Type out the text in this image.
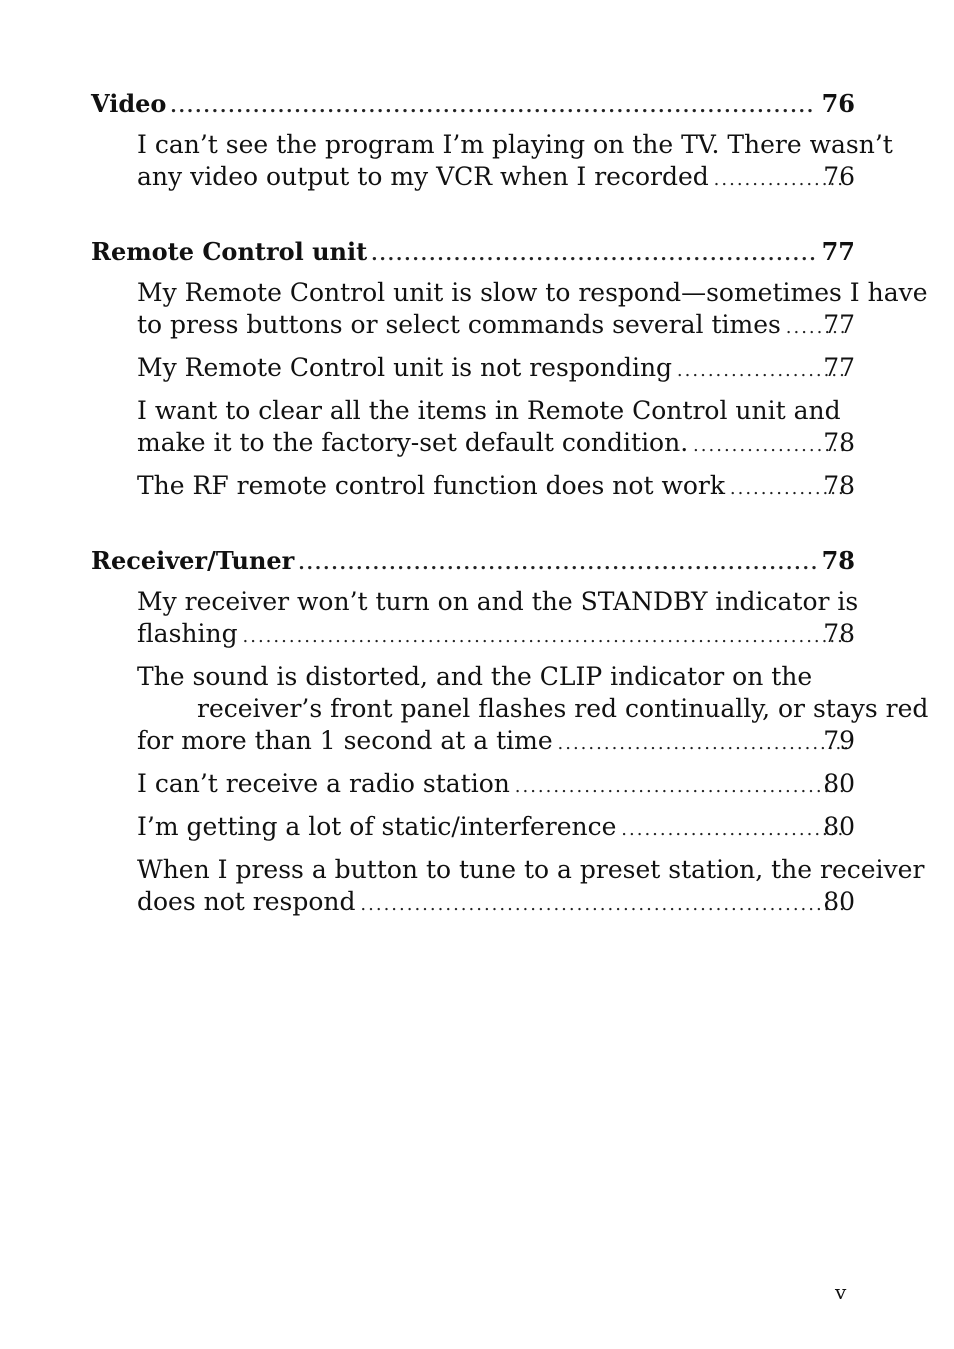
Video .....	76
I can’t see the program I’m playing on the TV. There wasn’t
any video output to my VCR when I recorded .....	76
Remote Control unit .....	77
My Remote Control unit is slow to respond—sometimes I have
to press buttons or select commands several times ..... 77
My Remote Control unit is not responding .....	77
I want to clear all the items in Remote Control unit and
make it to the factory-set default condition. .....	78
The RF remote control function does not work .....	78
Receiver/Tuner .....	78
My receiver won’t turn on and the STANDBY indicator is
flashing .....	78
The sound is distorted, and the CLIP indicator on the
receiver’s front panel flashes red continually, or stays red
for more than 1 second at a time .....	79
I can’t receive a radio station .....	80
I’m getting a lot of static/interference .....	80
When I press a button to tune to a preset station, the receiver
does not respond .....	80
v
